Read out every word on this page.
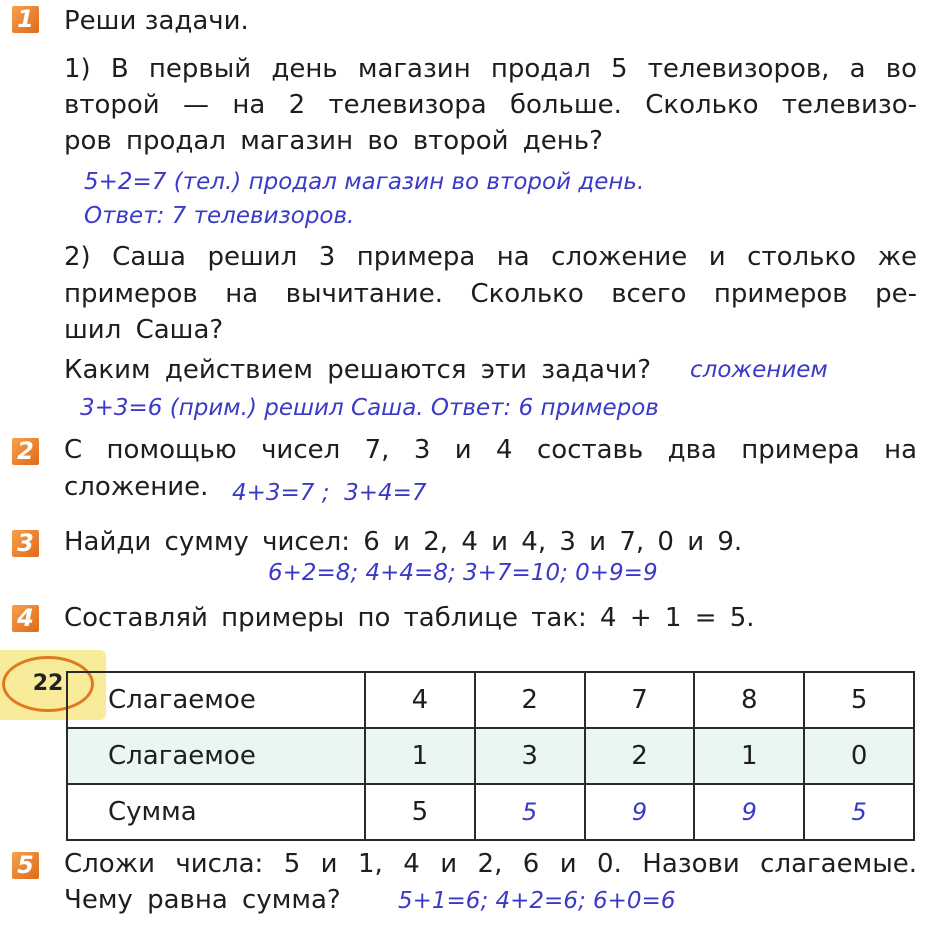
1 Реши задачи.
1) В первый день магазин продал 5 телевизоров, а во
второй — на 2 телевизора больше. Сколько телевизо-
ров продал магазин во второй день?
5+2=7 (тел.) продал магазин во второй день.
Ответ: 7 телевизоров.
2) Саша решил 3 примера на сложение и столько же
примеров на вычитание. Сколько всего примеров ре-
шил Саша?
Каким действием решаются эти задачи?	сложением
3+3=6 (прим.) решил Саша. Ответ: 6 примеров
2 С помощью чисел 7, 3 и 4 составь два примера на
сложение.	4+3=7 ;  3+4=7
3 Найди сумму чисел: 6 и 2, 4 и 4, 3 и 7, 0 и 9.
6+2=8; 4+4=8; 3+7=10; 0+9=9
4 Составляй примеры по таблице так: 4 + 1 = 5.
22
Слагаемое	4	2	7	8	5
Слагаемое	1	3	2	1	0
Сумма	5	5	9	9	5
5 Сложи числа: 5 и 1, 4 и 2, 6 и 0. Назови слагаемые.
Чему равна сумма?	5+1=6; 4+2=6; 6+0=6
